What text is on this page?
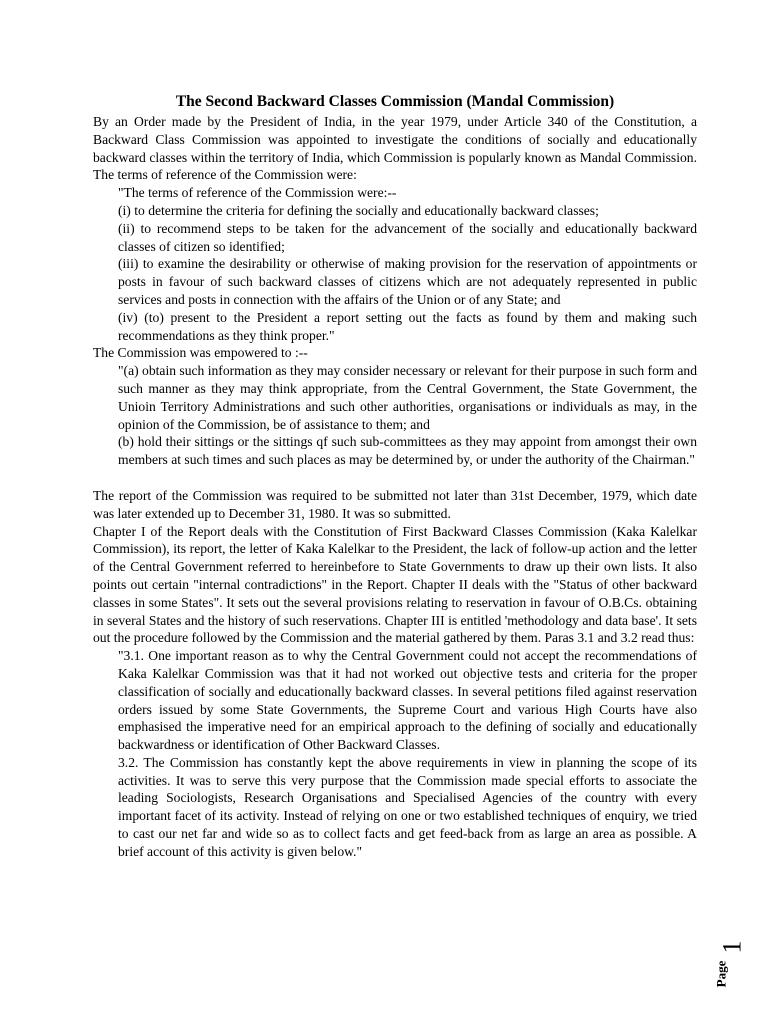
The Second Backward Classes Commission (Mandal Commission)

By an Order made by the President of India, in the year 1979, under Article 340 of the Constitution, a Backward Class Commission was appointed to investigate the conditions of socially and educationally backward classes within the territory of India, which Commission is popularly known as Mandal Commission. The terms of reference of the Commission were:

"The terms of reference of the Commission were:--

(i) to determine the criteria for defining the socially and educationally backward classes;

(ii) to recommend steps to be taken for the advancement of the socially and educationally backward classes of citizen so identified;

(iii) to examine the desirability or otherwise of making provision for the reservation of appointments or posts in favour of such backward classes of citizens which are not adequately represented in public services and posts in connection with the affairs of the Union or of any State; and

(iv) (to) present to the President a report setting out the facts as found by them and making such recommendations as they think proper."

The Commission was empowered to :--

"(a) obtain such information as they may consider necessary or relevant for their purpose in such form and such manner as they may think appropriate, from the Central Government, the State Government, the Unioin Territory Administrations and such other authorities, organisations or individuals as may, in the opinion of the Commission, be of assistance to them; and

(b) hold their sittings or the sittings qf such sub-committees as they may appoint from amongst their own members at such times and such places as may be determined by, or under the authority of the Chairman."

The report of the Commission was required to be submitted not later than 31st December, 1979, which date was later extended up to December 31, 1980. It was so submitted.

Chapter I of the Report deals with the Constitution of First Backward Classes Commission (Kaka Kalelkar Commission), its report, the letter of Kaka Kalelkar to the President, the lack of follow-up action and the letter of the Central Government referred to hereinbefore to State Governments to draw up their own lists. It also points out certain "internal contradictions" in the Report. Chapter II deals with the "Status of other backward classes in some States". It sets out the several provisions relating to reservation in favour of O.B.Cs. obtaining in several States and the history of such reservations. Chapter III is entitled 'methodology and data base'. It sets out the procedure followed by the Commission and the material gathered by them. Paras 3.1 and 3.2 read thus:

"3.1. One important reason as to why the Central Government could not accept the recommendations of Kaka Kalelkar Commission was that it had not worked out objective tests and criteria for the proper classification of socially and educationally backward classes. In several petitions filed against reservation orders issued by some State Governments, the Supreme Court and various High Courts have also emphasised the imperative need for an empirical approach to the defining of socially and educationally backwardness or identification of Other Backward Classes.

3.2. The Commission has constantly kept the above requirements in view in planning the scope of its activities. It was to serve this very purpose that the Commission made special efforts to associate the leading Sociologists, Research Organisations and Specialised Agencies of the country with every important facet of its activity. Instead of relying on one or two established techniques of enquiry, we tried to cast our net far and wide so as to collect facts and get feed-back from as large an area as possible. A brief account of this activity is given below."

Page
1
